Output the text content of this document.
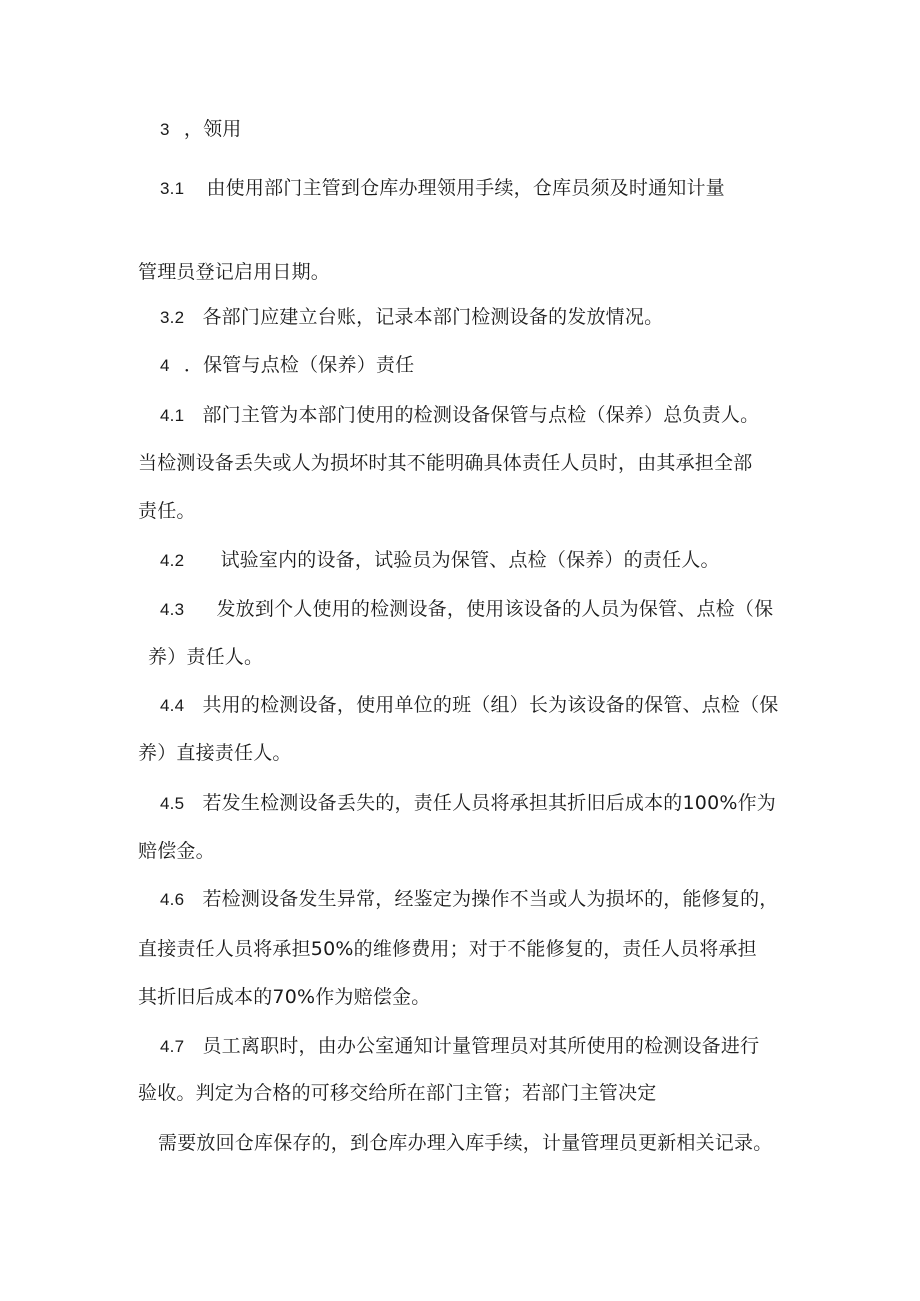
3 ，领用
3.1 由使用部门主管到仓库办理领用手续，仓库员须及时通知计量
管理员登记启用日期。
3.2 各部门应建立台账，记录本部门检测设备的发放情况。
4 ．保管与点检（保养）责任
4.1 部门主管为本部门使用的检测设备保管与点检（保养）总负责人。
当检测设备丢失或人为损坏时其不能明确具体责任人员时，由其承担全部
责任。
4.2 试验室内的设备，试验员为保管、点检（保养）的责任人。
4.3 发放到个人使用的检测设备，使用该设备的人员为保管、点检（保
养）责任人。
4.4 共用的检测设备，使用单位的班（组）长为该设备的保管、点检（保
养）直接责任人。
4.5 若发生检测设备丢失的，责任人员将承担其折旧后成本的100%作为
赔偿金。
4.6 若检测设备发生异常，经鉴定为操作不当或人为损坏的，能修复的，
直接责任人员将承担50%的维修费用；对于不能修复的，责任人员将承担
其折旧后成本的70%作为赔偿金。
4.7 员工离职时，由办公室通知计量管理员对其所使用的检测设备进行
验收。判定为合格的可移交给所在部门主管；若部门主管决定
需要放回仓库保存的，到仓库办理入库手续，计量管理员更新相关记录。
